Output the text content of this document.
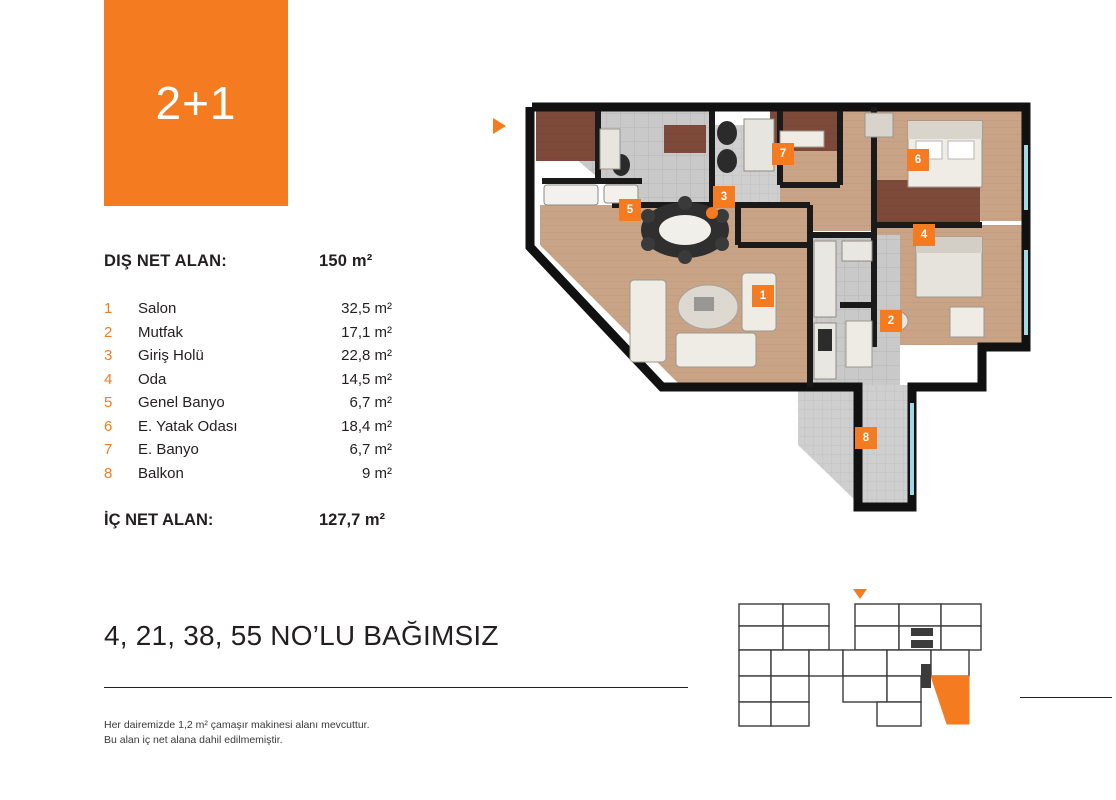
2+1
DIŞ NET ALAN:	150 m²
1	Salon	32,5 m²
2	Mutfak	17,1 m²
3	Giriş Holü	22,8 m²
4	Oda	14,5 m²
5	Genel Banyo	6,7 m²
6	E. Yatak Odası	18,4 m²
7	E. Banyo	6,7 m²
8	Balkon	9 m²
İÇ NET ALAN:	127,7 m²
4, 21, 38, 55 NO’LU BAĞIMSIZ
Her dairemizde 1,2 m² çamaşır makinesi alanı mevcuttur.
Bu alan iç net alana dahil edilmemiştir.
1
2
3
4
5
6
7
8
